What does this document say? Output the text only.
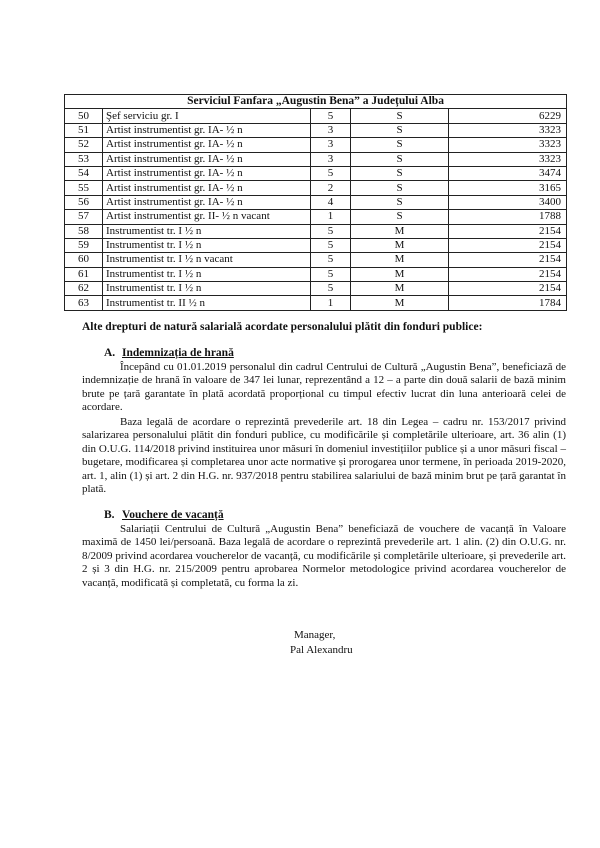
Serviciul Fanfara „Augustin Bena” a Județului Alba				
50	Şef serviciu gr. I	5	S	6229
51	Artist instrumentist gr. IA- ½ n	3	S	3323
52	Artist instrumentist gr. IA- ½ n	3	S	3323
53	Artist instrumentist gr. IA- ½ n	3	S	3323
54	Artist instrumentist gr. IA- ½ n	5	S	3474
55	Artist instrumentist gr. IA- ½ n	2	S	3165
56	Artist instrumentist gr. IA- ½ n	4	S	3400
57	Artist instrumentist gr. II- ½ n vacant	1	S	1788
58	Instrumentist tr. I ½ n	5	M	2154
59	Instrumentist tr. I ½ n	5	M	2154
60	Instrumentist tr. I ½ n vacant	5	M	2154
61	Instrumentist tr. I ½ n	5	M	2154
62	Instrumentist tr. I ½ n	5	M	2154
63	Instrumentist tr. II ½ n	1	M	1784
Alte drepturi de natură salarială acordate personalului plătit din fonduri publice:
A. Indemnizația de hrană
Începând cu 01.01.2019 personalul din cadrul Centrului de Cultură „Augustin Bena”, beneficiază de indemnizație de hrană în valoare de 347 lei lunar, reprezentând a 12 – a parte din două salarii de bază minim brute pe țară garantate în plată acordată proporțional cu timpul efectiv lucrat din luna anterioară celei de acordare.
Baza legală de acordare o reprezintă prevederile art. 18 din Legea – cadru nr. 153/2017 privind salarizarea personalului plătit din fonduri publice, cu modificările și completările ulterioare, art. 36 alin (1) din O.U.G. 114/2018 privind instituirea unor măsuri în domeniul investițiilor publice și a unor măsuri fiscal – bugetare, modificarea și completarea unor acte normative și prorogarea unor termene, în perioada 2019-2020, art. 1, alin (1) și art. 2 din H.G. nr. 937/2018 pentru stabilirea salariului de bază minim brut pe țară garantat în plată.
B. Vouchere de vacanță
Salariații Centrului de Cultură „Augustin Bena” beneficiază de vouchere de vacanță în Valoare maximă de 1450 lei/persoană. Baza legală de acordare o reprezintă prevederile art. 1 alin. (2) din O.U.G. nr. 8/2009 privind acordarea voucherelor de vacanță, cu modificările și completările ulterioare, și prevederile art. 2 și 3 din H.G. nr. 215/2009 pentru aprobarea Normelor metodologice privind acordarea voucherelor de vacanță, modificată și completată, cu forma la zi.
Manager,
Pal Alexandru
